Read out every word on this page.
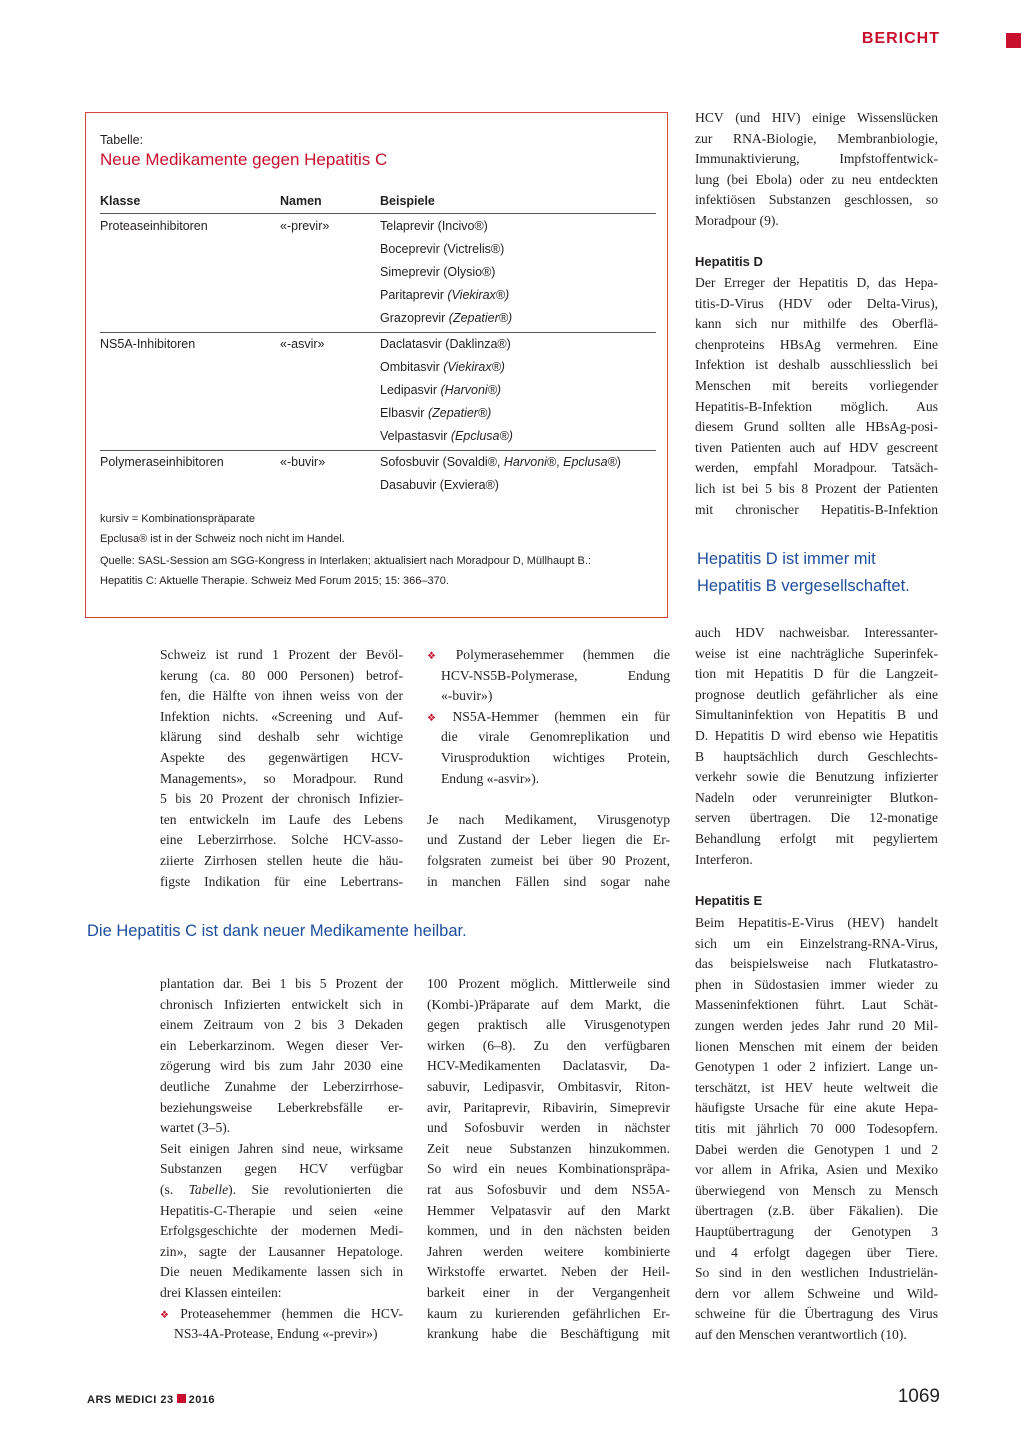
BERICHT
Tabelle:
Neue Medikamente gegen Hepatitis C
Klasse	Namen	Beispiele
Proteaseinhibitoren	«-previr»	Telaprevir (Incivo®)
Boceprevir (Victrelis®)
Simeprevir (Olysio®)
Paritaprevir (Viekirax®)
Grazoprevir (Zepatier®)
NS5A-Inhibitoren	«-asvir»	Daclatasvir (Daklinza®)
Ombitasvir (Viekirax®)
Ledipasvir (Harvoni®)
Elbasvir (Zepatier®)
Velpastasvir (Epclusa®)
Polymeraseinhibitoren	«-buvir»	Sofosbuvir (Sovaldi®, Harvoni®, Epclusa®)
Dasabuvir (Exviera®)
kursiv = Kombinationspräparate
Epclusa® ist in der Schweiz noch nicht im Handel.
Quelle: SASL-Session am SGG-Kongress in Interlaken; aktualisiert nach Moradpour D, Müllhaupt B.:
Hepatitis C: Aktuelle Therapie. Schweiz Med Forum 2015; 15: 366–370.

Schweiz ist rund 1 Prozent der Bevöl-

kerung (ca. 80 000 Personen) betrof-

fen, die Hälfte von ihnen weiss von der

Infektion nichts. «Screening und Auf-

klärung sind deshalb sehr wichtige

Aspekte des gegenwärtigen HCV-

Managements», so Moradpour. Rund

5 bis 20 Prozent der chronisch Infizier-

ten entwickeln im Laufe des Lebens

eine Leberzirrhose. Solche HCV-asso-

ziierte Zirrhosen stellen heute die häu-

figste Indikation für eine Lebertrans-

❖ Polymerasehemmer (hemmen die

HCV-NS5B-Polymerase, Endung

«-buvir»)

❖ NS5A-Hemmer (hemmen ein für

die virale Genomreplikation und

Virusproduktion wichtiges Protein,

Endung «-asvir»).

Je nach Medikament, Virusgenotyp

und Zustand der Leber liegen die Er-

folgsraten zumeist bei über 90 Prozent,

in manchen Fällen sind sogar nahe

Die Hepatitis C ist dank neuer Medikamente heilbar.

plantation dar. Bei 1 bis 5 Prozent der

chronisch Infizierten entwickelt sich in

einem Zeitraum von 2 bis 3 Dekaden

ein Leberkarzinom. Wegen dieser Ver-

zögerung wird bis zum Jahr 2030 eine

deutliche Zunahme der Leberzirrhose-

beziehungsweise Leberkrebsfälle er-

wartet (3–5).

Seit einigen Jahren sind neue, wirksame

Substanzen gegen HCV verfügbar

(s. Tabelle). Sie revolutionierten die

Hepatitis-C-Therapie und seien «eine

Erfolgsgeschichte der modernen Medi-

zin», sagte der Lausanner Hepatologe.

Die neuen Medikamente lassen sich in

drei Klassen einteilen:

❖ Proteasehemmer (hemmen die HCV-

NS3-4A-Protease, Endung «-previr»)

100 Prozent möglich. Mittlerweile sind

(Kombi-)Präparate auf dem Markt, die

gegen praktisch alle Virusgenotypen

wirken (6–8). Zu den verfügbaren

HCV-Medikamenten Daclatasvir, Da-

sabuvir, Ledipasvir, Ombitasvir, Riton-

avir, Paritaprevir, Ribavirin, Simeprevir

und Sofosbuvir werden in nächster

Zeit neue Substanzen hinzukommen.

So wird ein neues Kombinationspräpa-

rat aus Sofosbuvir und dem NS5A-

Hemmer Velpatasvir auf den Markt

kommen, und in den nächsten beiden

Jahren werden weitere kombinierte

Wirkstoffe erwartet. Neben der Heil-

barkeit einer in der Vergangenheit

kaum zu kurierenden gefährlichen Er-

krankung habe die Beschäftigung mit

HCV (und HIV) einige Wissenslücken

zur RNA-Biologie, Membranbiologie,

Immunaktivierung, Impfstoffentwick-

lung (bei Ebola) oder zu neu entdeckten

infektiösen Substanzen geschlossen, so

Moradpour (9).

Hepatitis D

Der Erreger der Hepatitis D, das Hepa-

titis-D-Virus (HDV oder Delta-Virus),

kann sich nur mithilfe des Oberflä-

chenproteins HBsAg vermehren. Eine

Infektion ist deshalb ausschliesslich bei

Menschen mit bereits vorliegender

Hepatitis-B-Infektion möglich. Aus

diesem Grund sollten alle HBsAg-posi-

tiven Patienten auch auf HDV gescreent

werden, empfahl Moradpour. Tatsäch-

lich ist bei 5 bis 8 Prozent der Patienten

mit chronischer Hepatitis-B-Infektion

Hepatitis D ist immer mit
Hepatitis B vergesellschaftet.

auch HDV nachweisbar. Interessanter-

weise ist eine nachträgliche Superinfek-

tion mit Hepatitis D für die Langzeit-

prognose deutlich gefährlicher als eine

Simultaninfektion von Hepatitis B und

D. Hepatitis D wird ebenso wie Hepatitis

B hauptsächlich durch Geschlechts-

verkehr sowie die Benutzung infizierter

Nadeln oder verunreinigter Blutkon-

serven übertragen. Die 12-monatige

Behandlung erfolgt mit pegyliertem

Interferon.

Hepatitis E

Beim Hepatitis-E-Virus (HEV) handelt

sich um ein Einzelstrang-RNA-Virus,

das beispielsweise nach Flutkatastro-

phen in Südostasien immer wieder zu

Masseninfektionen führt. Laut Schät-

zungen werden jedes Jahr rund 20 Mil-

lionen Menschen mit einem der beiden

Genotypen 1 oder 2 infiziert. Lange un-

terschätzt, ist HEV heute weltweit die

häufigste Ursache für eine akute Hepa-

titis mit jährlich 70 000 Todesopfern.

Dabei werden die Genotypen 1 und 2

vor allem in Afrika, Asien und Mexiko

überwiegend von Mensch zu Mensch

übertragen (z.B. über Fäkalien). Die

Hauptübertragung der Genotypen 3

und 4 erfolgt dagegen über Tiere.

So sind in den westlichen Industrielän-

dern vor allem Schweine und Wild-

schweine für die Übertragung des Virus

auf den Menschen verantwortlich (10).

ARS MEDICI 23 2016	1069
